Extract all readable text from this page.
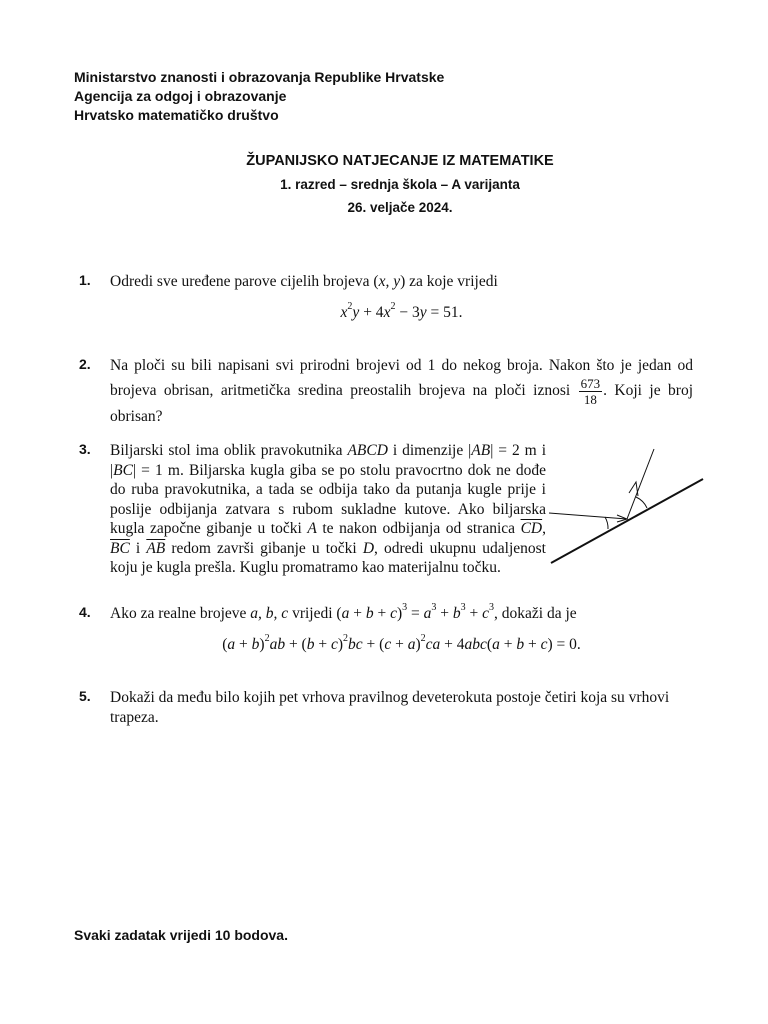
Ministarstvo znanosti i obrazovanja Republike Hrvatske
Agencija za odgoj i obrazovanje
Hrvatsko matematičko društvo
ŽUPANIJSKO NATJECANJE IZ MATEMATIKE
1. razred – srednja škola – A varijanta
26. veljače 2024.
1. Odredi sve uređene parove cijelih brojeva (x, y) za koje vrijedi
$x^2y + 4x^2 - 3y = 51$.
2. Na ploči su bili napisani svi prirodni brojevi od 1 do nekog broja. Nakon što je jedan od brojeva obrisan, aritmetička sredina preostalih brojeva na ploči iznosi $\frac{673}{18}$ . Koji je broj obrisan?
3. Biljarski stol ima oblik pravokutnika ABCD i dimenzije |AB| = 2 m i |BC| = 1 m. Biljarska kugla giba se po stolu pravocrtno dok ne dođe do ruba pravokutnika, a tada se odbija tako da putanja kugle prije i poslije odbijanja zatvara s rubom sukladne kutove. Ako biljarska kugla započne gibanje u točki A te nakon odbijanja od stranica $\overline{CD}$, $\overline{BC}$ i $\overline{AB}$ redom završi gibanje u točki D, odredi ukupnu udaljenost koju je kugla prešla. Kuglu promatramo kao materijalnu točku.
4. Ako za realne brojeve a, b, c vrijedi $(a + b + c)^3 = a^3 + b^3 + c^3$, dokaži da je
$(a + b)^2ab + (b + c)^2bc + (c + a)^2ca + 4abc(a + b + c) = 0$.
5. Dokaži da među bilo kojih pet vrhova pravilnog deveterokuta postoje četiri koja su vrhovi trapeza.
Svaki zadatak vrijedi 10 bodova.
